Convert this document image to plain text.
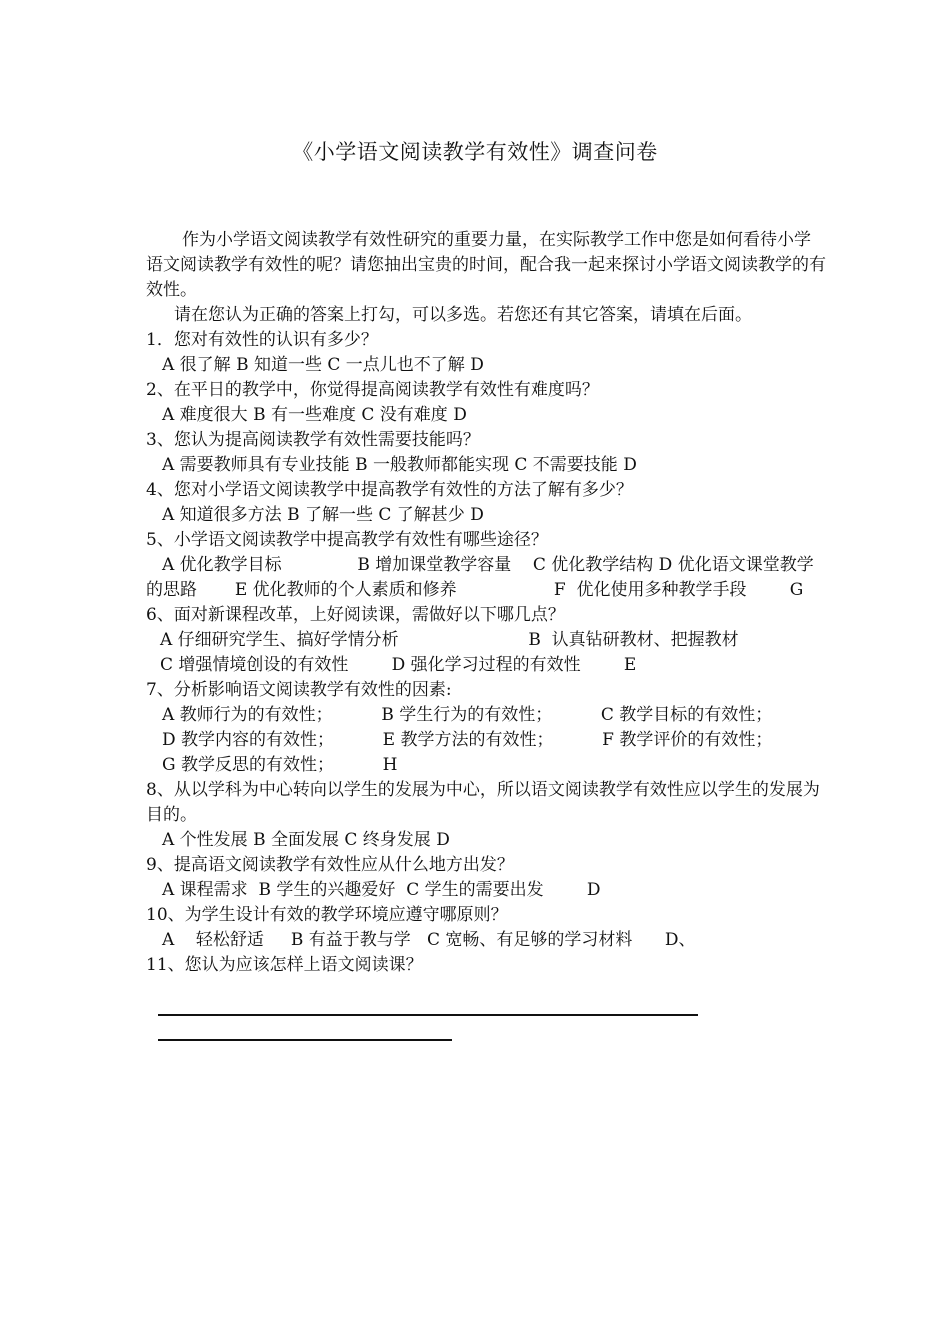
《小学语文阅读教学有效性》调查问卷

作为小学语文阅读教学有效性研究的重要力量，在实际教学工作中您是如何看待小学语文阅读教学有效性的呢？请您抽出宝贵的时间，配合我一起来探讨小学语文阅读教学的有效性。

请在您认为正确的答案上打勾，可以多选。若您还有其它答案，请填在后面。

1．您对有效性的认识有多少？

A 很了解 B 知道一些 C 一点儿也不了解 D

2、在平日的教学中，你觉得提高阅读教学有效性有难度吗？

A 难度很大 B 有一些难度 C 没有难度 D

3、您认为提高阅读教学有效性需要技能吗？

A 需要教师具有专业技能 B 一般教师都能实现 C 不需要技能 D

4、您对小学语文阅读教学中提高教学有效性的方法了解有多少？

A 知道很多方法 B 了解一些 C 了解甚少 D

5、小学语文阅读教学中提高教学有效性有哪些途径？

A 优化教学目标              B 增加课堂教学容量    C 优化教学结构 D 优化语文课堂教学的思路       E 优化教师的个人素质和修养                  F  优化使用多种教学手段        G

6、面对新课程改革，上好阅读课，需做好以下哪几点？

A 仔细研究学生、搞好学情分析                        B  认真钻研教材、把握教材

C 增强情境创设的有效性        D 强化学习过程的有效性        E

7、分析影响语文阅读教学有效性的因素:

A 教师行为的有效性；         B 学生行为的有效性；         C 教学目标的有效性；

D 教学内容的有效性；         E 教学方法的有效性；         F 教学评价的有效性；

G 教学反思的有效性；         H

8、从以学科为中心转向以学生的发展为中心，所以语文阅读教学有效性应以学生的发展为目的。

A 个性发展 B 全面发展 C 终身发展 D

9、提高语文阅读教学有效性应从什么地方出发？

A 课程需求  B 学生的兴趣爱好  C 学生的需要出发        D

10、为学生设计有效的教学环境应遵守哪原则？

A    轻松舒适     B 有益于教与学   C 宽畅、有足够的学习材料      D、

11、您认为应该怎样上语文阅读课？
